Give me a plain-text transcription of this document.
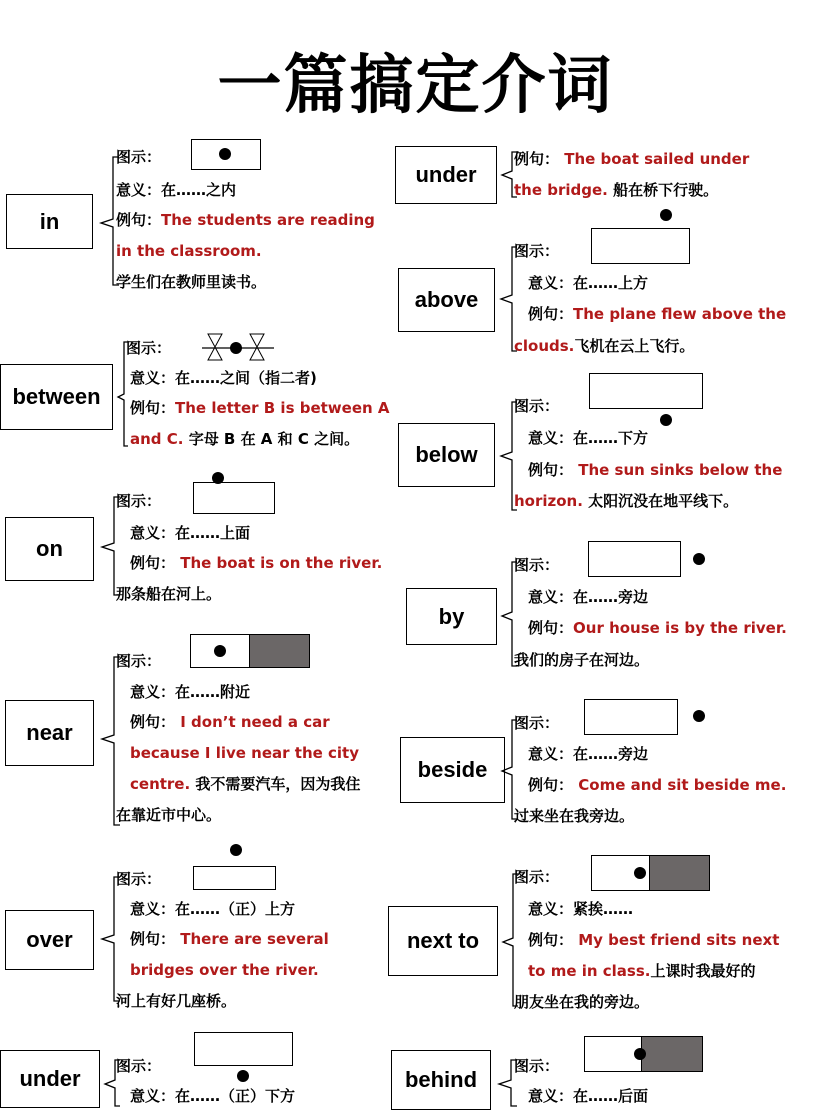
一篇搞定介词
in
图示：
意义：在……之内
例句：The students are reading
in the classroom.
学生们在教师里读书。
between
图示：
意义：在……之间（指二者)
例句：The letter B is between A
and C. 字母 B 在 A 和 C 之间。
on
图示：
意义：在……上面
例句： The boat is on the river.
那条船在河上。
near
图示：
意义：在……附近
例句： I don’t need a car
because I live near the city
centre. 我不需要汽车，因为我住
在靠近市中心。
over
图示：
意义：在……（正）上方
例句： There are several
bridges over the river.
河上有好几座桥。
under	图示：
意义：在……（正）下方
under
例句： The boat sailed under
the bridge. 船在桥下行驶。
above
图示：
意义：在……上方
例句：The plane flew above the
clouds.飞机在云上飞行。
below
图示：
意义：在……下方
例句： The sun sinks below the
horizon. 太阳沉没在地平线下。
by
图示：
意义：在……旁边
例句：Our house is by the river.
我们的房子在河边。
beside
图示：
意义：在……旁边
例句： Come and sit beside me.
过来坐在我旁边。
next to
图示：
意义：紧挨……
例句： My best friend sits next
to me in class.上课时我最好的
朋友坐在我的旁边。
behind
图示：
意义：在……后面
